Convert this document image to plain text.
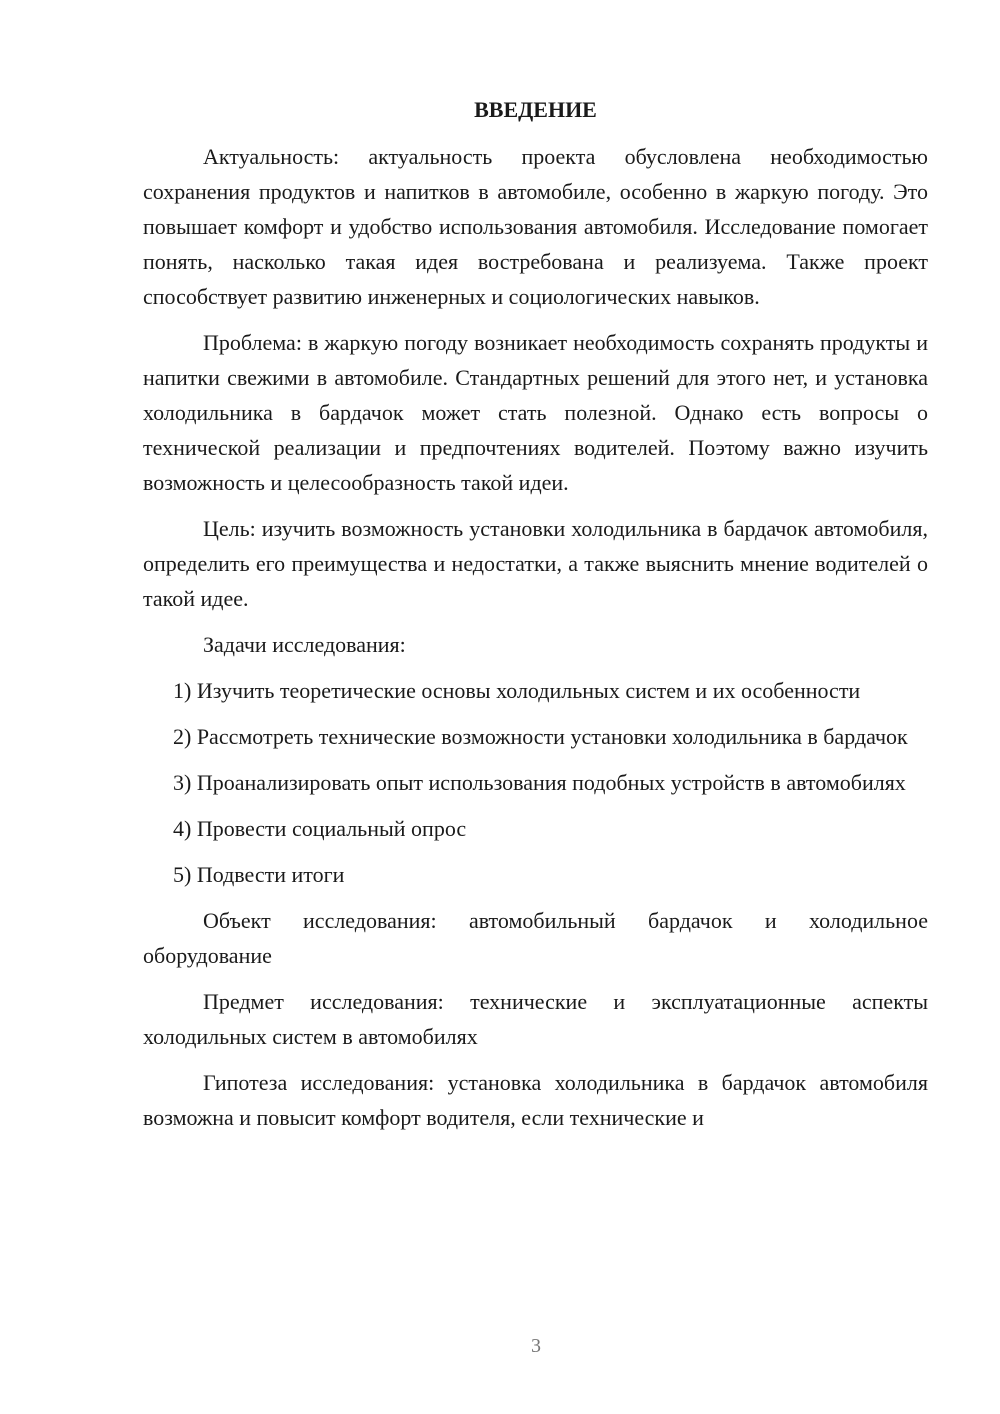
ВВЕДЕНИЕ

Актуальность: актуальность проекта обусловлена необходимостью сохранения продуктов и напитков в автомобиле, особенно в жаркую погоду. Это повышает комфорт и удобство использования автомобиля. Исследование помогает понять, насколько такая идея востребована и реализуема. Также проект способствует развитию инженерных и социологических навыков.

Проблема: в жаркую погоду возникает необходимость сохранять продукты и напитки свежими в автомобиле. Стандартных решений для этого нет, и установка холодильника в бардачок может стать полезной. Однако есть вопросы о технической реализации и предпочтениях водителей. Поэтому важно изучить возможность и целесообразность такой идеи.

Цель: изучить возможность установки холодильника в бардачок автомобиля, определить его преимущества и недостатки, а также выяснить мнение водителей о такой идее.

Задачи исследования:

1) Изучить теоретические основы холодильных систем и их особенности

2) Рассмотреть технические возможности установки холодильника в бардачок

3) Проанализировать опыт использования подобных устройств в автомобилях

4) Провести социальный опрос

5) Подвести итоги

Объект исследования: автомобильный бардачок и холодильное оборудование

Предмет исследования: технические и эксплуатационные аспекты холодильных систем в автомобилях

Гипотеза исследования: установка холодильника в бардачок автомобиля возможна и повысит комфорт водителя, если технические и

3
